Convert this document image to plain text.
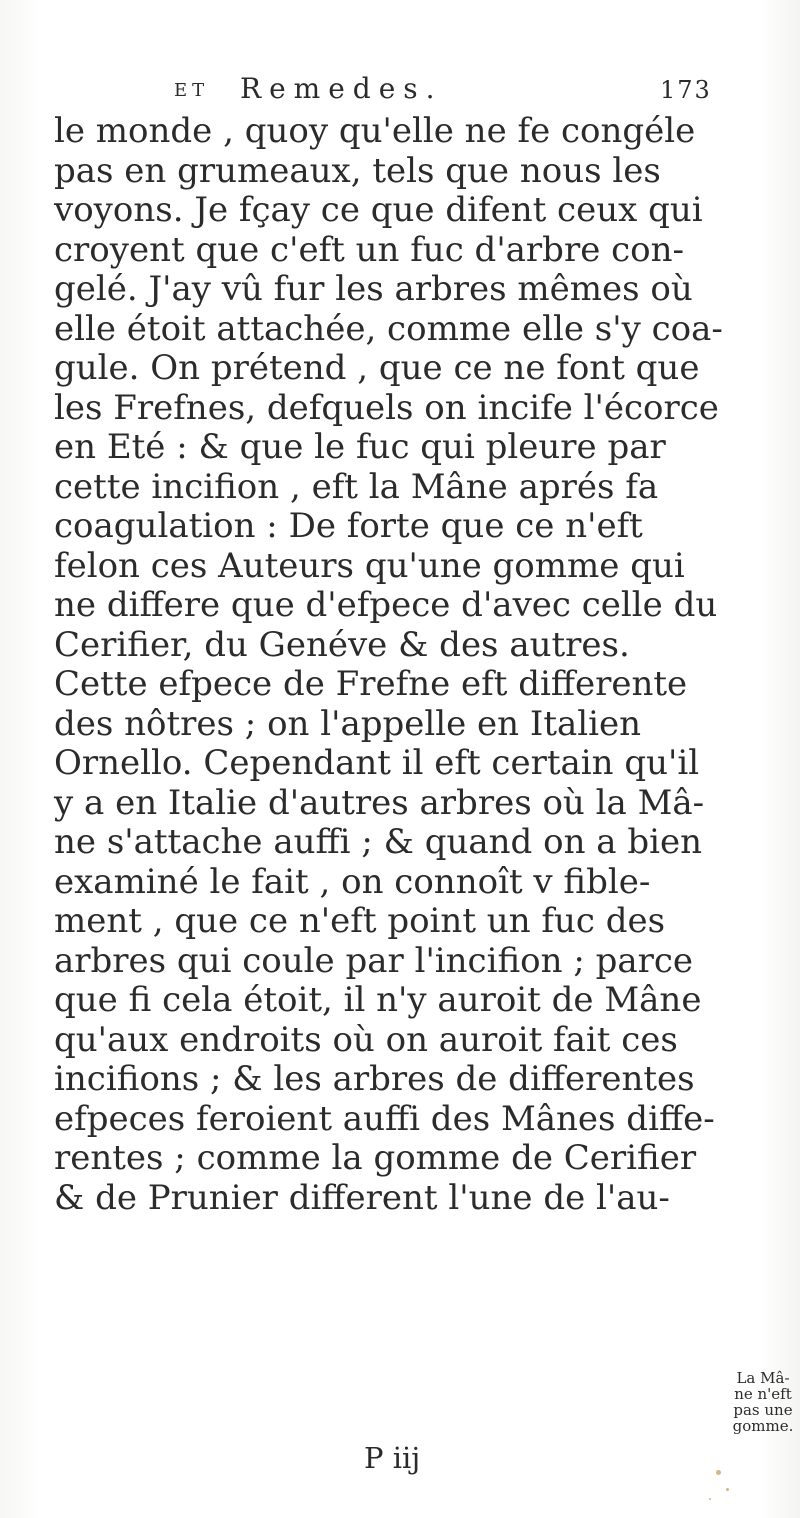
ET Remedes.	173
le monde , quoy qu'elle ne fe congéle
pas en grumeaux, tels que nous les
voyons. Je fçay ce que difent ceux qui
croyent que c'eft un fuc d'arbre con-
gelé. J'ay vû fur les arbres mêmes où
elle étoit attachée, comme elle s'y coa-
gule. On prétend , que ce ne font que
les Frefnes, defquels on incife l'écorce
en Eté : & que le fuc qui pleure par
cette incifion , eft la Mâne aprés fa
coagulation : De forte que ce n'eft
felon ces Auteurs qu'une gomme qui
ne differe que d'efpece d'avec celle du
Cerifier, du Genéve & des autres.
Cette efpece de Frefne eft differente
des nôtres ; on l'appelle en Italien
Ornello. Cependant il eft certain qu'il
y a en Italie d'autres arbres où la Mâ-
ne s'attache auffi ; & quand on a bien
examiné le fait , on connoît v fible-
ment , que ce n'eft point un fuc des
arbres qui coule par l'incifion ; parce
que fi cela étoit, il n'y auroit de Mâne
qu'aux endroits où on auroit fait ces
incifions ; & les arbres de differentes
efpeces feroient auffi des Mânes diffe-
rentes ; comme la gomme de Cerifier
& de Prunier different l'une de l'au-
La Mâ-
ne n'eft
pas une
gomme.
P iij
